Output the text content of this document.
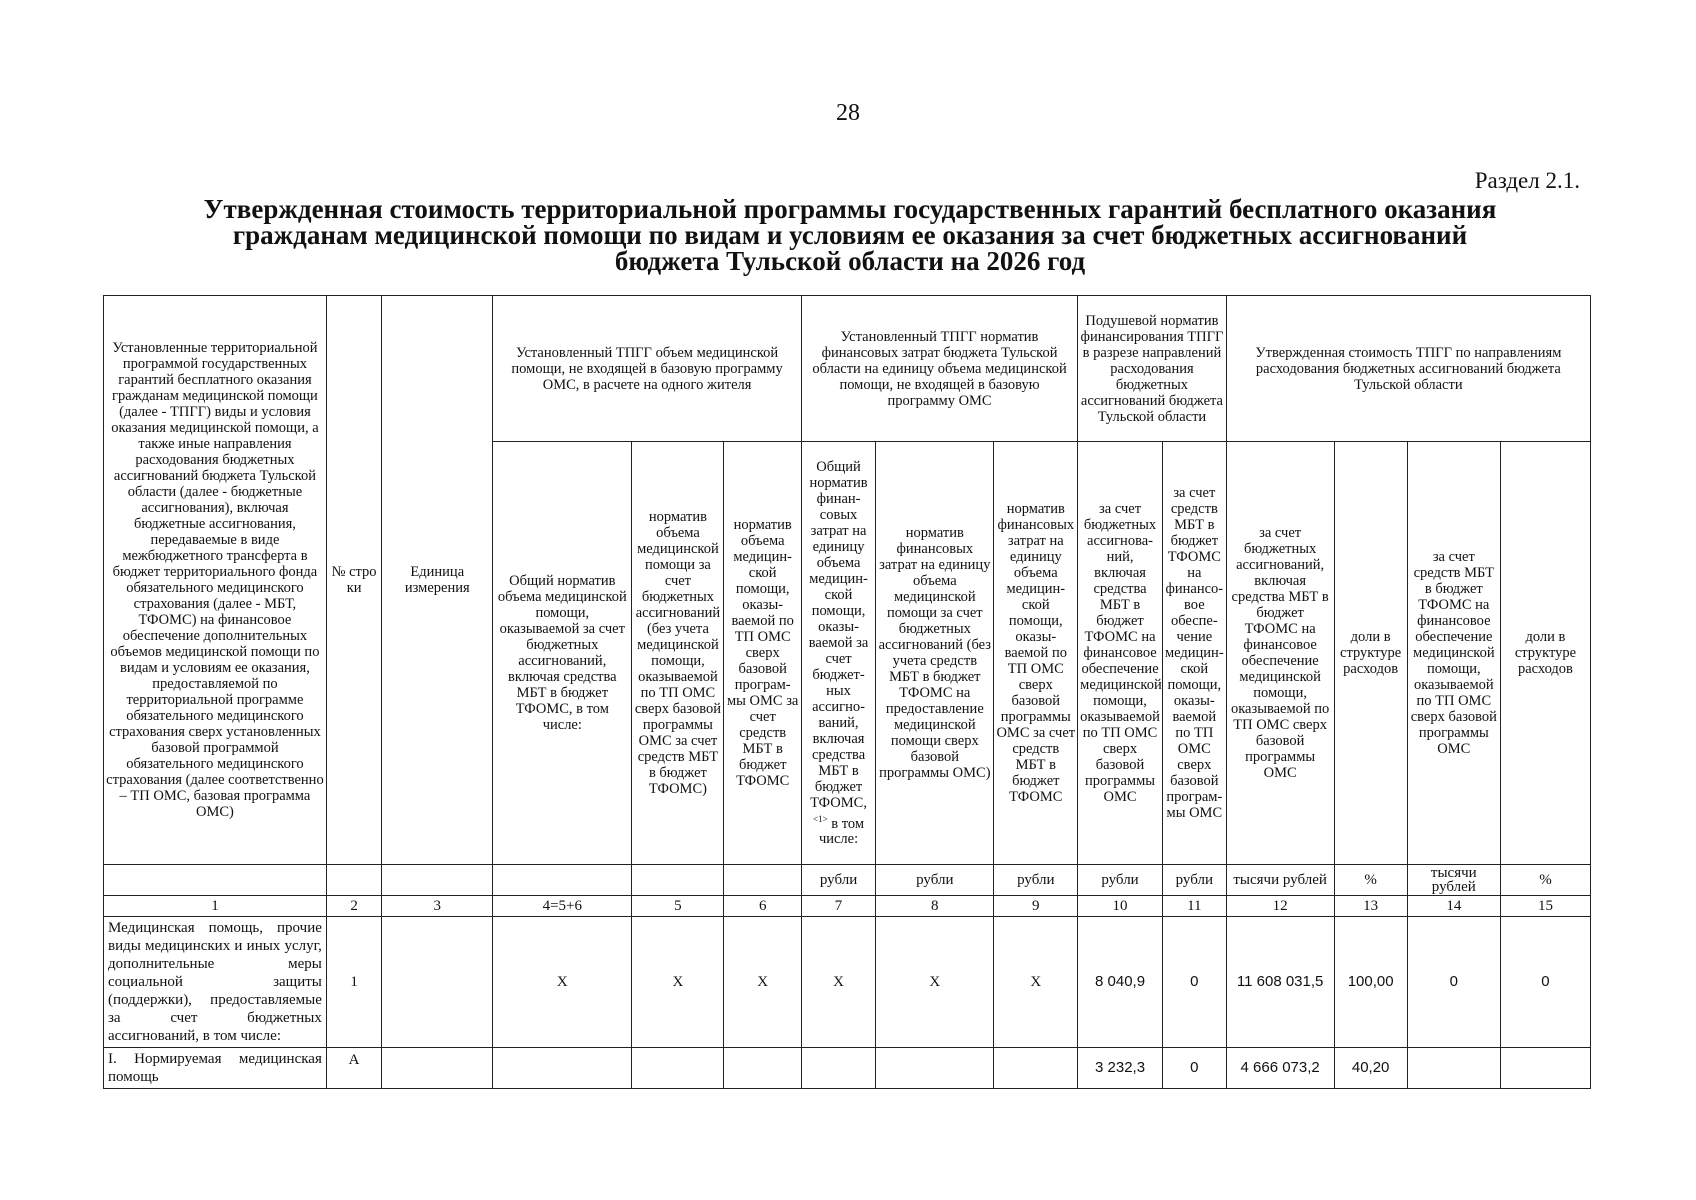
28
Раздел 2.1.
Утвержденная стоимость территориальной программы государственных гарантий бесплатного оказания
гражданам медицинской помощи по видам и условиям ее оказания за счет бюджетных ассигнований
бюджета Тульской области на 2026 год
Установленные территориальной программой государственных гарантий бесплатного оказания гражданам медицинской помощи (далее - ТПГГ) виды и условия оказания медицинской помощи, а также иные направления расходования бюджетных ассигнований бюджета Тульской области (далее - бюджетные ассигнования), включая бюджетные ассигнования, передаваемые в виде межбюджетного трансферта в бюджет территориального фонда обязательного медицинского страхования (далее - МБТ, ТФОМС) на финансовое обеспечение дополнительных объемов медицинской помощи по видам и условиям ее оказания, предоставляемой по территориальной программе обязательного медицинского страхования сверх установленных базовой программой обязательного медицинского страхования (далее соответственно – ТП ОМС, базовая программа ОМС)	№ стро ки	Единица измерения	Установленный ТПГГ объем медицинской помощи, не входящей в базовую программу ОМС, в расчете на одного жителя			Установленный ТПГГ норматив финансовых затрат бюджета Тульской области на единицу объема медицинской помощи, не входящей в базовую программу ОМС			Подушевой норматив финансирования ТПГГ в разрезе направлений расходования бюджетных ассигнований бюджета Тульской области		Утвержденная стоимость ТПГГ по направлениям расходования бюджетных ассигнований бюджета Тульской области			
			Общий норматив объема медицинской помощи, оказываемой за счет бюджетных ассигнований, включая средства МБТ в бюджет ТФОМС, в том числе:	норматив объема медицинской помощи за счет бюджетных ассигнований (без учета медицинской помощи, оказываемой по ТП ОМС сверх базовой программы ОМС за счет средств МБТ в бюджет ТФОМС)	норматив объема медицин- ской помощи, оказы- ваемой по ТП ОМС сверх базовой програм- мы ОМС за счет средств МБТ в бюджет ТФОМС	Общий норматив финан- совых затрат на единицу объема медицин- ской помощи, оказы- ваемой за счет бюджет- ных ассигно- ваний, включая средства МБТ в бюджет ТФОМС,$^{<1>}$ в том числе:	норматив финансовых затрат на единицу объема медицинской помощи за счет бюджетных ассигнований (без учета средств МБТ в бюджет ТФОМС на предоставление медицинской помощи сверх базовой программы ОМС)	норматив финансовых затрат на единицу объема медицин- ской помощи, оказы- ваемой по ТП ОМС сверх базовой программы ОМС за счет средств МБТ в бюджет ТФОМС	за счет бюджетных ассигнова- ний, включая средства МБТ в бюджет ТФОМС на финансовое обеспечение медицинской помощи, оказываемой по ТП ОМС сверх базовой программы ОМС	за счет средств МБТ в бюджет ТФОМС на финансо- вое обеспе- чение медицин- ской помощи, оказы- ваемой по ТП ОМС сверх базовой програм- мы ОМС	за счет бюджетных ассигнований, включая средства МБТ в бюджет ТФОМС на финансовое обеспечение медицинской помощи, оказываемой по ТП ОМС сверх базовой программы ОМС	доли в структуре расходов	за счет средств МБТ в бюджет ТФОМС на финансовое обеспечение медицинской помощи, оказываемой по ТП ОМС сверх базовой программы ОМС	доли в структуре расходов
						рубли	рубли	рубли	рубли	рубли	тысячи рублей	%	тысячи рублей	%
1	2	3	4=5+6	5	6	7	8	9	10	11	12	13	14	15
Медицинская помощь, прочие виды медицинских и иных услуг, дополнительные меры социальной защиты (поддержки), предоставляемые за счет бюджетных ассигнований, в том числе:	1		Х	Х	Х	Х	Х	Х	8 040,9	0	11 608 031,5	100,00	0	0
I. Нормируемая медицинская помощь	А								3 232,3	0	4 666 073,2	40,20		
